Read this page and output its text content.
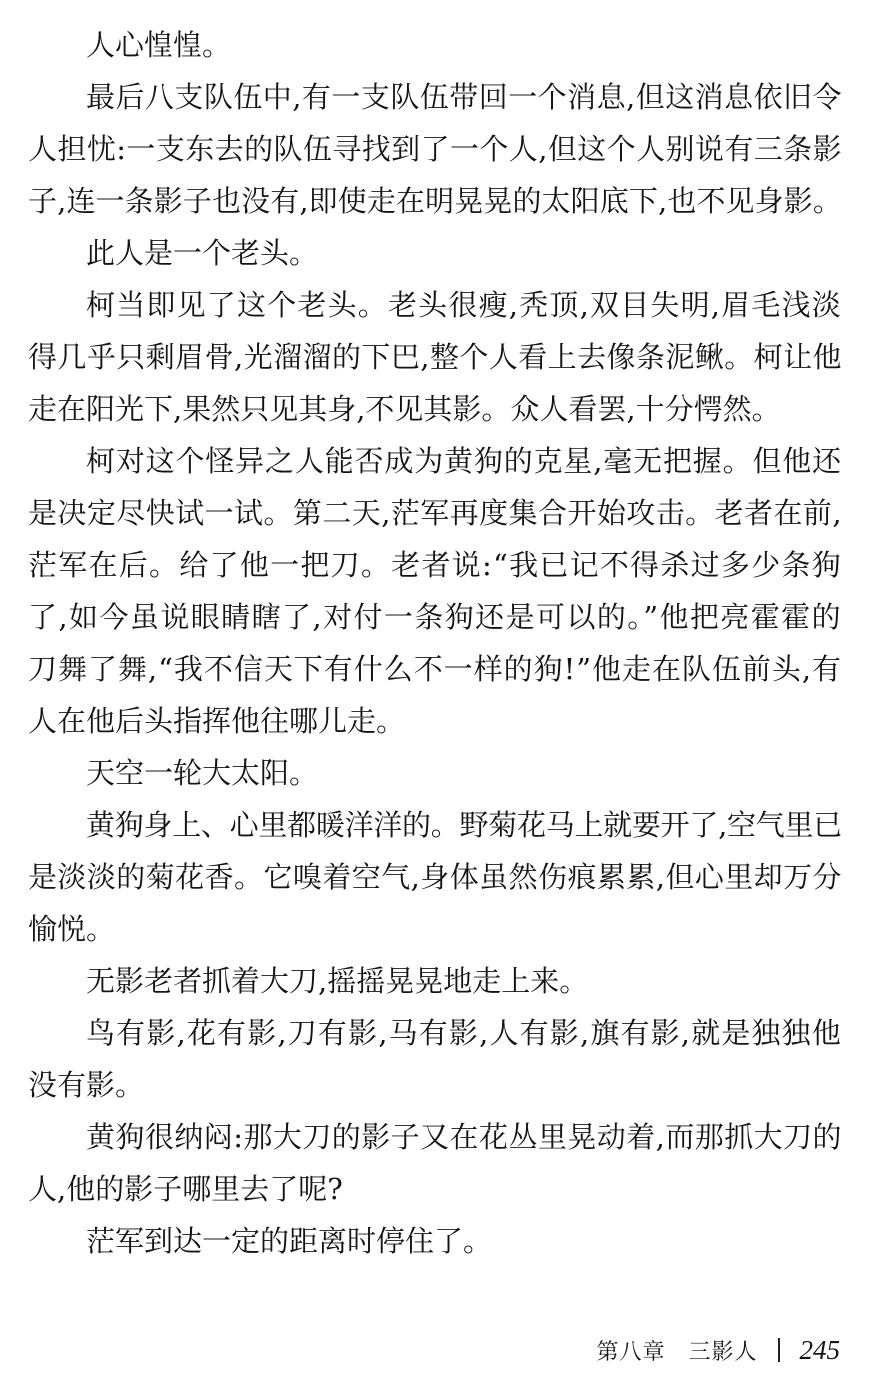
人心惶惶。
最后八支队伍中,有一支队伍带回一个消息,但这消息依旧令
人担忧:一支东去的队伍寻找到了一个人,但这个人别说有三条影
子,连一条影子也没有,即使走在明晃晃的太阳底下,也不见身影。
此人是一个老头。
柯当即见了这个老头。老头很瘦,秃顶,双目失明,眉毛浅淡
得几乎只剩眉骨,光溜溜的下巴,整个人看上去像条泥鳅。柯让他
走在阳光下,果然只见其身,不见其影。众人看罢,十分愕然。
柯对这个怪异之人能否成为黄狗的克星,毫无把握。但他还
是决定尽快试一试。第二天,茫军再度集合开始攻击。老者在前,
茫军在后。给了他一把刀。老者说:“我已记不得杀过多少条狗
了,如今虽说眼睛瞎了,对付一条狗还是可以的。”他把亮霍霍的
刀舞了舞,“我不信天下有什么不一样的狗!”他走在队伍前头,有
人在他后头指挥他往哪儿走。
天空一轮大太阳。
黄狗身上、心里都暖洋洋的。野菊花马上就要开了,空气里已
是淡淡的菊花香。它嗅着空气,身体虽然伤痕累累,但心里却万分
愉悦。
无影老者抓着大刀,摇摇晃晃地走上来。
鸟有影,花有影,刀有影,马有影,人有影,旗有影,就是独独他
没有影。
黄狗很纳闷:那大刀的影子又在花丛里晃动着,而那抓大刀的
人,他的影子哪里去了呢?
茫军到达一定的距离时停住了。
第八章　三影人 245
